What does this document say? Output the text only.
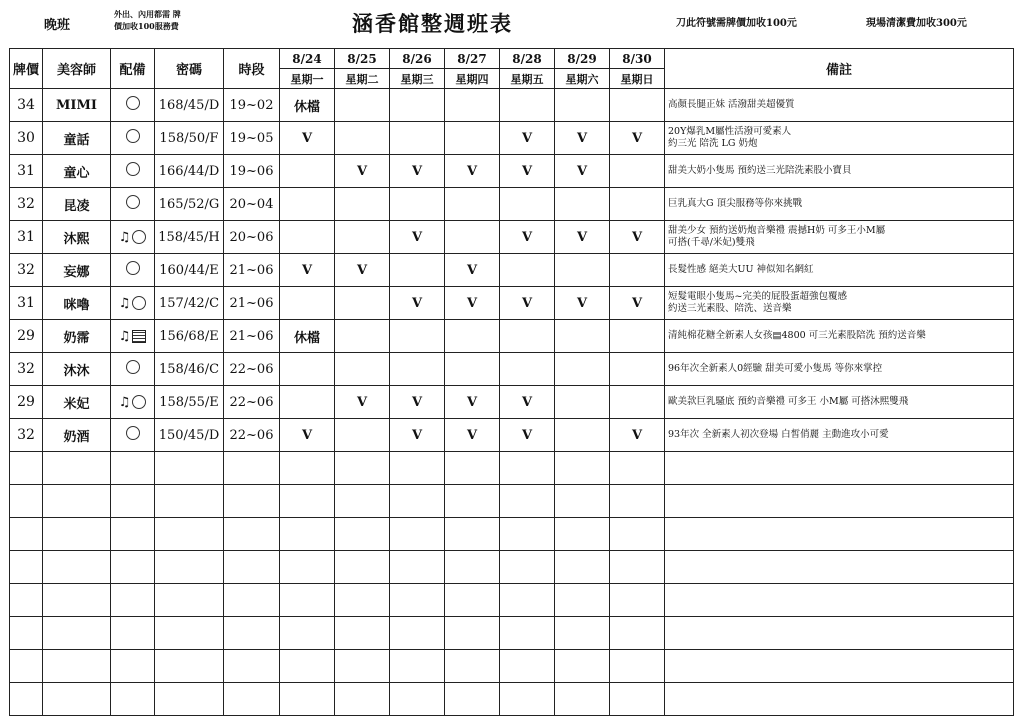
晚班
外出、內用都需 牌
價加收100服務費	涵香館整週班表	刀此符號需牌價加收100元	現場清潔費加收300元
牌價	美容師	配備	密碼	時段	8/24	8/25	8/26	8/27	8/28	8/29	8/30	備註
					星期一	星期二	星期三	星期四	星期五	星期六	星期日	
34	MIMI		168/45/D	19~02	休檔							高顏長腿正妹 活潑甜美超優質

30	童話		158/50/F	19~05	V				V	V	V	20Y爆乳M屬性活潑可愛素人
約三光 陪洗 LG 奶炮

31	童心		166/44/D	19~06		V	V	V	V	V		甜美大奶小隻馬 預約送三光陪洗素股小寶貝

32	昆凌		165/52/G	20~04								巨乳真大G 頂尖服務等你來挑戰

31	沐熙	♫	158/45/H	20~06			V		V	V	V	甜美少女 預約送奶炮音樂禮 震撼H奶 可多王小M屬
可搭(千尋/米妃)雙飛

32	妄娜		160/44/E	21~06	V	V		V				長髮性感 絕美大UU 神似知名網紅

31	咪嚕	♫	157/42/C	21~06			V	V	V	V	V	短髮電眼小隻馬~完美的屁股蛋超強包覆感
約送三光素股、陪洗、送音樂

29	奶霈	♫	156/68/E	21~06	休檔							清純棉花糖全新素人女孩▤4800 可三光素股陪洗 預約送音樂

32	沐沐		158/46/C	22~06								96年次全新素人0經驗 甜美可愛小隻馬 等你來掌控

29	米妃	♫	158/55/E	22~06		V	V	V	V			歐美款巨乳騷底 預約音樂禮 可多王 小M屬 可搭沐熙雙飛

32	奶酒		150/45/D	22~06	V		V	V	V		V	93年次 全新素人初次登場 白皙俏麗 主動進攻小可愛
